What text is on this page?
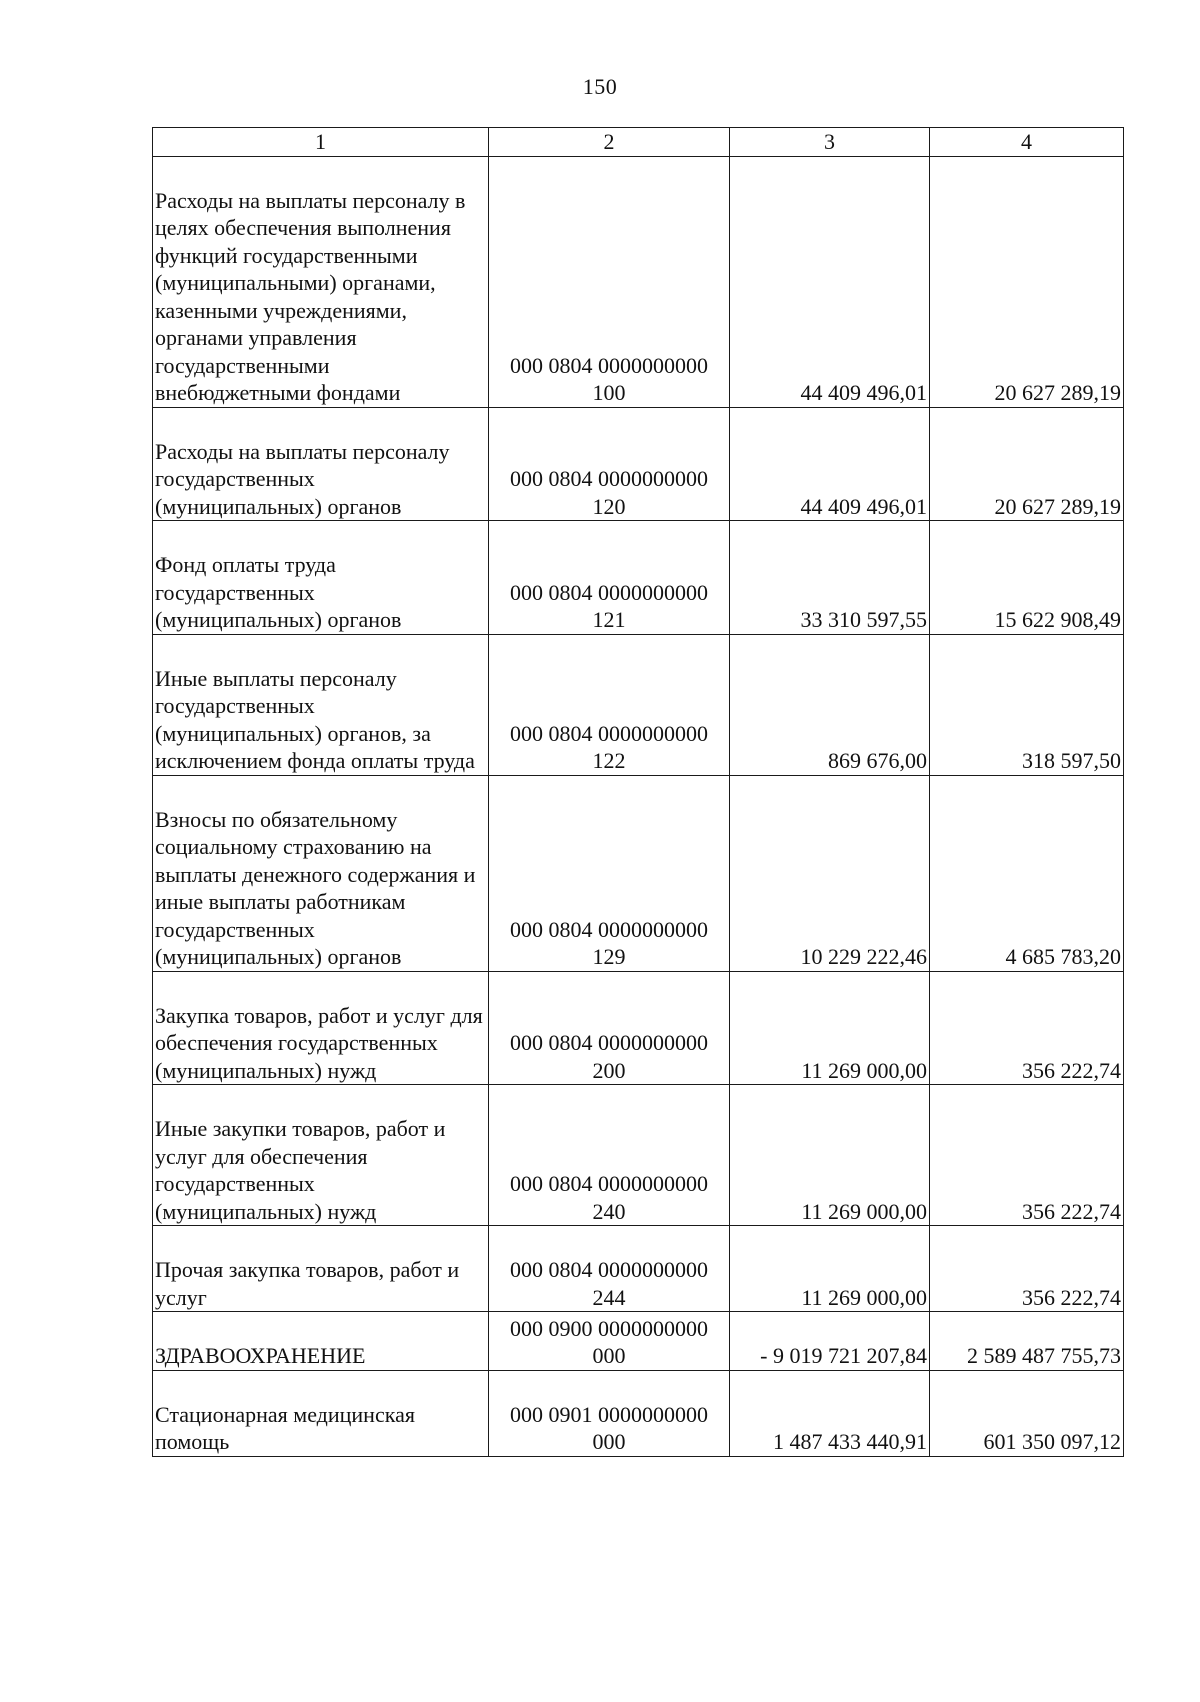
150
1	2	3	4

Расходы на выплаты персоналу в целях обеспечения выполнения функций государственными (муниципальными) органами, казенными учреждениями, органами управления государственными внебюджетными фондами	000 0804 0000000000 100	44 409 496,01	20 627 289,19

Расходы на выплаты персоналу государственных (муниципальных) органов	000 0804 0000000000 120	44 409 496,01	20 627 289,19

Фонд оплаты труда государственных (муниципальных) органов	000 0804 0000000000 121	33 310 597,55	15 622 908,49

Иные выплаты персоналу государственных (муниципальных) органов, за исключением фонда оплаты труда	000 0804 0000000000 122	869 676,00	318 597,50

Взносы по обязательному социальному страхованию на выплаты денежного содержания и иные выплаты работникам государственных (муниципальных) органов	000 0804 0000000000 129	10 229 222,46	4 685 783,20

Закупка товаров, работ и услуг для обеспечения государственных (муниципальных) нужд	000 0804 0000000000 200	11 269 000,00	356 222,74

Иные закупки товаров, работ и услуг для обеспечения государственных (муниципальных) нужд	000 0804 0000000000 240	11 269 000,00	356 222,74

Прочая закупка товаров, работ и услуг	000 0804 0000000000 244	11 269 000,00	356 222,74

ЗДРАВООХРАНЕНИЕ	000 0900 0000000000 000	- 9 019 721 207,84	2 589 487 755,73

Стационарная медицинская помощь	000 0901 0000000000 000	1 487 433 440,91	601 350 097,12
